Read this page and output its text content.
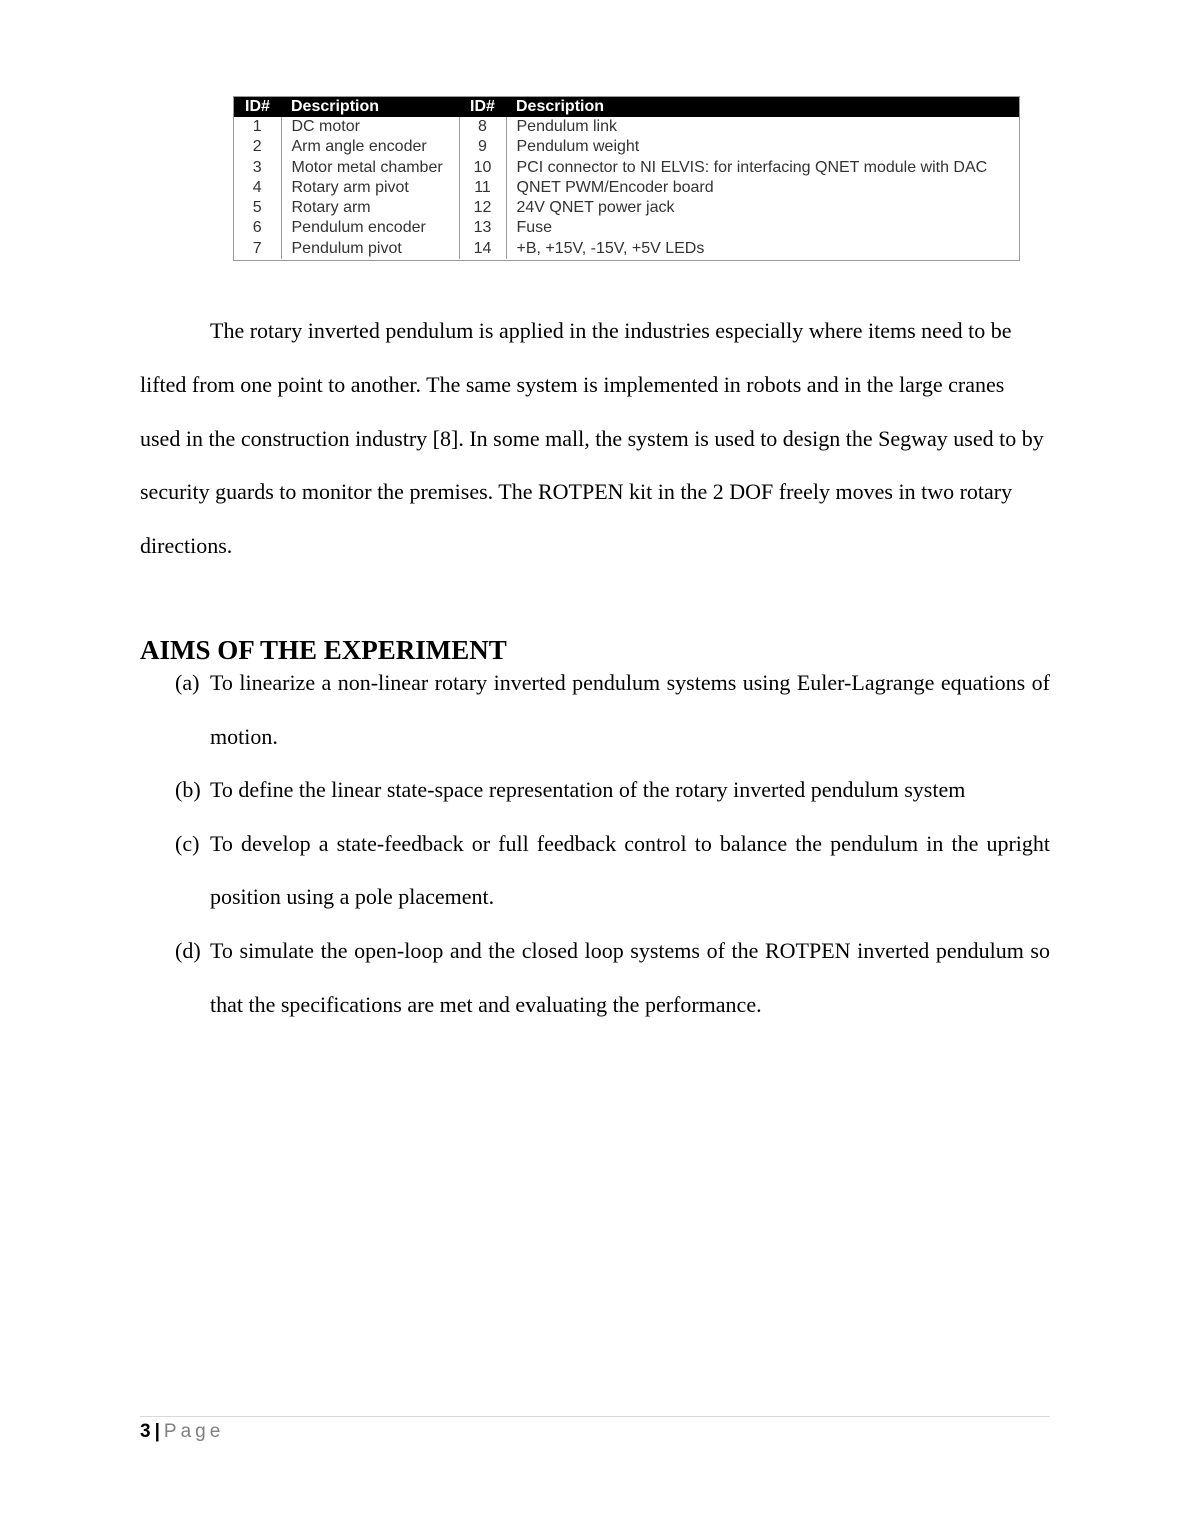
ID#	Description	ID#	Description
1	DC motor	8	Pendulum link
2	Arm angle encoder	9	Pendulum weight
3	Motor metal chamber	10	PCI connector to NI ELVIS: for interfacing QNET module with DAC
4	Rotary arm pivot	11	QNET PWM/Encoder board
5	Rotary arm	12	24V QNET power jack
6	Pendulum encoder	13	Fuse
7	Pendulum pivot	14	+B, +15V, -15V, +5V LEDs

The rotary inverted pendulum is applied in the industries especially where items need to be lifted from one point to another. The same system is implemented in robots and in the large cranes used in the construction industry [8]. In some mall, the system is used to design the Segway used to by security guards to monitor the premises. The ROTPEN kit in the 2 DOF freely moves in two rotary directions.

AIMS OF THE EXPERIMENT
(a) To linearize a non-linear rotary inverted pendulum systems using Euler-Lagrange equations of motion.
(b) To define the linear state-space representation of the rotary inverted pendulum system
(c) To develop a state-feedback or full feedback control to balance the pendulum in the upright position using a pole placement.
(d) To simulate the open-loop and the closed loop systems of the ROTPEN inverted pendulum so that the specifications are met and evaluating the performance.
3 | Page
